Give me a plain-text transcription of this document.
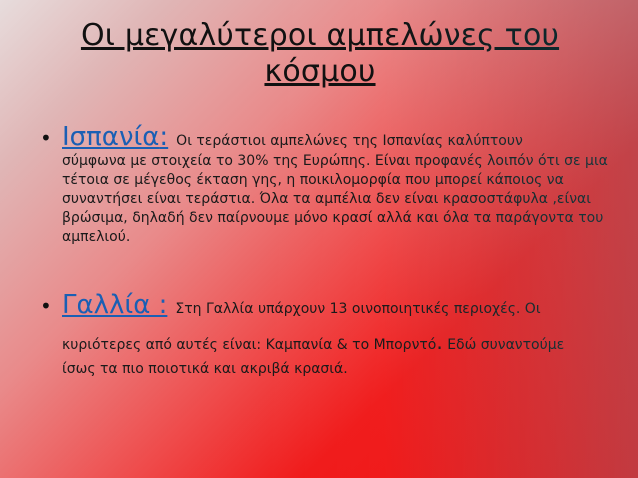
Οι μεγαλύτεροι αμπελώνες του
κόσμου
• Ισπανία: Οι τεράστιοι αμπελώνες της Ισπανίας καλύπτουν
σύμφωνα με στοιχεία το 30% της Ευρώπης. Είναι προφανές λοιπόν ότι σε μια τέτοια σε μέγεθος έκταση γης, η ποικιλομορφία που μπορεί κάποιος να συναντήσει είναι τεράστια. Όλα τα αμπέλια δεν είναι κρασοστάφυλα ,είναι βρώσιμα, δηλαδή δεν παίρνουμε μόνο κρασί αλλά και όλα τα παράγοντα του αμπελιού.
• Γαλλία : Στη Γαλλία υπάρχουν 13 οινοποιητικές περιοχές. Οι
κυριότερες από αυτές είναι: Καμπανία & το Μπορντό. Εδώ συναντούμε
ίσως τα πιο ποιοτικά και ακριβά κρασιά.
